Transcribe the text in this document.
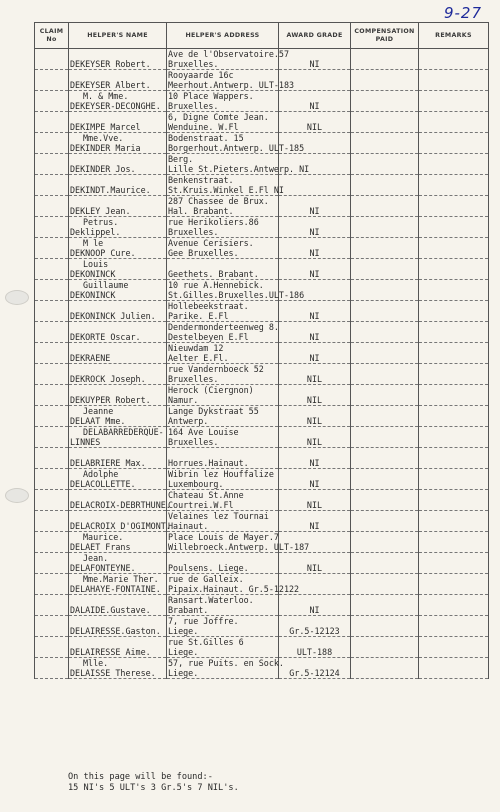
9-27
CLAIM
No	HELPER'S NAME	HELPER'S ADDRESS	AWARD GRADE	COMPENSATION
PAID	REMARKS

	DEKEYSER Robert.	Ave de l'Observatoire.57
Bruxelles.	NI		

	DEKEYSER Albert.	Rooyaarde 16c
Meerhout.Antwerp. ULT-183			

	M. & Mme.
DEKEYSER-DECONGHE.	10 Place Wappers.
Bruxelles.	NI		

	DEKIMPE Marcel	6, Digne Comte Jean.
Wenduine. W.Fl	NIL		

	Mme.Vve.
DEKINDER Maria	Bodenstraat. 15
Borgerhout.Antwerp. ULT-185			

	DEKINDER Jos.	Berg.
Lille St.Pieters.Antwerp. NI			

	DEKINDT.Maurice.	Benkenstraat.
St.Kruis.Winkel E.Fl NI			

	DEKLEY Jean.	287 Chassee de Brux.
Hal. Brabant.	NI		

	Petrus.
Deklippel.	rue Herikoliers.86
Bruxelles.	NI		

	M le
DEKNOOP Cure.	Avenue Cerisiers.
Gee Bruxelles.	NI		

	Louis
DEKONINCK	Geethets. Brabant.	NI		

	Guillaume
DEKONINCK	10 rue A.Hennebick.
St.Gilles.Bruxelles.ULT-186			

	DEKONINCK Julien.	Hollebeekstraat.
Parike. E.Fl	NI		

	DEKORTE Oscar.	Dendermonderteenweg 8.
Destelbeyen E.Fl	NI		

	DEKRAENE	Nieuwdam 12
Aelter E.Fl.	NI		

	DEKROCK Joseph.	rue Vandernboeck 52
Bruxelles.	NIL		

	DEKUYPER Robert.	Herock (Ciergnon)
Namur.	NIL		

	Jeanne
DELAAT Mme.	Lange Dykstraat 55
Antwerp.	NIL		

	DELABARREDERQUE-
LINNES	164 Ave Louise
Bruxelles.	NIL		

	DELABRIERE Max.	Horrues.Hainaut.	NI		

	Adolphe
DELACOLLETTE.	Wibrin lez Houffalize
Luxembourg.	NI		

	DELACROIX-DEBRTHUNE.	Chateau St.Anne
Courtrei.W.Fl	NIL		

	DELACROIX D'OGIMONT.	Velaines lez Tournai
Hainaut.	NI		

	Maurice.
DELAET Frans	Place Louis de Mayer.7
Willebroeck.Antwerp. ULT-187			

	Jean.
DELAFONTEYNE.	Poulsens. Liege.	NIL		

	Mme.Marie Ther.
DELAHAYE-FONTAINE.	rue de Galleix.
Pipaix.Hainaut. Gr.5-12122			

	DALAIDE.Gustave.	Ransart.Waterloo.
Brabant.	NI		

	DELAIRESSE.Gaston.	7, rue Joffre.
Liege.	Gr.5-12123		

	DELAIRESSE Aime.	rue St.Gilles 6
Liege.	ULT-188		

	Mlle.
DELAISSE Therese.	57, rue Puits. en Sock.
Liege.	Gr.5-12124		

On this page will be found:-
15 NI's 5 ULT's 3 Gr.5's 7 NIL's.
